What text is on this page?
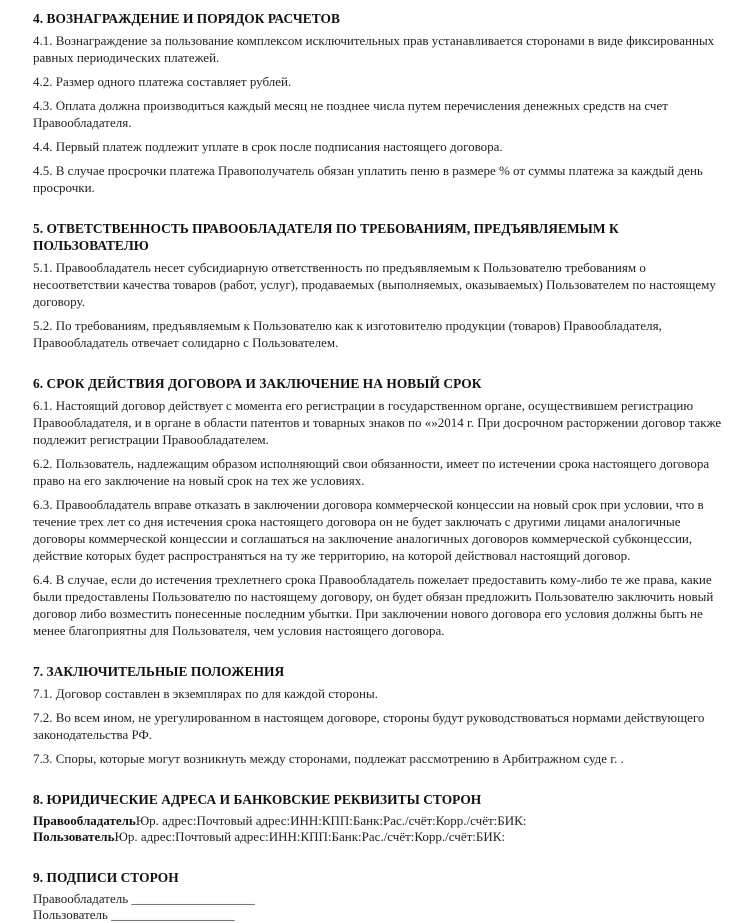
4. ВОЗНАГРАЖДЕНИЕ И ПОРЯДОК РАСЧЕТОВ

4.1. Вознаграждение за пользование комплексом исключительных прав устанавливается сторонами в виде фиксированных равных периодических платежей.

4.2. Размер одного платежа составляет рублей.

4.3. Оплата должна производиться каждый месяц не позднее числа путем перечисления денежных средств на счет Правообладателя.

4.4. Первый платеж подлежит уплате в срок после подписания настоящего договора.

4.5. В случае просрочки платежа Правополучатель обязан уплатить пеню в размере % от суммы платежа за каждый день просрочки.

5. ОТВЕТСТВЕННОСТЬ ПРАВООБЛАДАТЕЛЯ ПО ТРЕБОВАНИЯМ, ПРЕДЪЯВЛЯЕМЫМ К ПОЛЬЗОВАТЕЛЮ

5.1. Правообладатель несет субсидиарную ответственность по предъявляемым к Пользователю требованиям о несоответствии качества товаров (работ, услуг), продаваемых (выполняемых, оказываемых) Пользователем по настоящему договору.

5.2. По требованиям, предъявляемым к Пользователю как к изготовителю продукции (товаров) Правообладателя, Правообладатель отвечает солидарно с Пользователем.

6. СРОК ДЕЙСТВИЯ ДОГОВОРА И ЗАКЛЮЧЕНИЕ НА НОВЫЙ СРОК

6.1. Настоящий договор действует с момента его регистрации в государственном органе, осуществившем регистрацию Правообладателя, и в органе в области патентов и товарных знаков по «»2014 г. При досрочном расторжении договор также подлежит регистрации Правообладателем.

6.2. Пользователь, надлежащим образом исполняющий свои обязанности, имеет по истечении срока настоящего договора право на его заключение на новый срок на тех же условиях.

6.3. Правообладатель вправе отказать в заключении договора коммерческой концессии на новый срок при условии, что в течение трех лет со дня истечения срока настоящего договора он не будет заключать с другими лицами аналогичные договоры коммерческой концессии и соглашаться на заключение аналогичных договоров коммерческой субконцессии, действие которых будет распространяться на ту же территорию, на которой действовал настоящий договор.

6.4. В случае, если до истечения трехлетнего срока Правообладатель пожелает предоставить кому-либо те же права, какие были предоставлены Пользователю по настоящему договору, он будет обязан предложить Пользователю заключить новый договор либо возместить понесенные последним убытки. При заключении нового договора его условия должны быть не менее благоприятны для Пользователя, чем условия настоящего договора.

7. ЗАКЛЮЧИТЕЛЬНЫЕ ПОЛОЖЕНИЯ

7.1. Договор составлен в экземплярах по для каждой стороны.

7.2. Во всем ином, не урегулированном в настоящем договоре, стороны будут руководствоваться нормами действующего законодательства РФ.

7.3. Споры, которые могут возникнуть между сторонами, подлежат рассмотрению в Арбитражном суде г. .

8. ЮРИДИЧЕСКИЕ АДРЕСА И БАНКОВСКИЕ РЕКВИЗИТЫ СТОРОН

ПравообладательЮр. адрес:Почтовый адрес:ИНН:КПП:Банк:Рас./счёт:Корр./счёт:БИК:

ПользовательЮр. адрес:Почтовый адрес:ИНН:КПП:Банк:Рас./счёт:Корр./счёт:БИК:

9. ПОДПИСИ СТОРОН

Правообладатель ___________________

Пользователь ___________________
